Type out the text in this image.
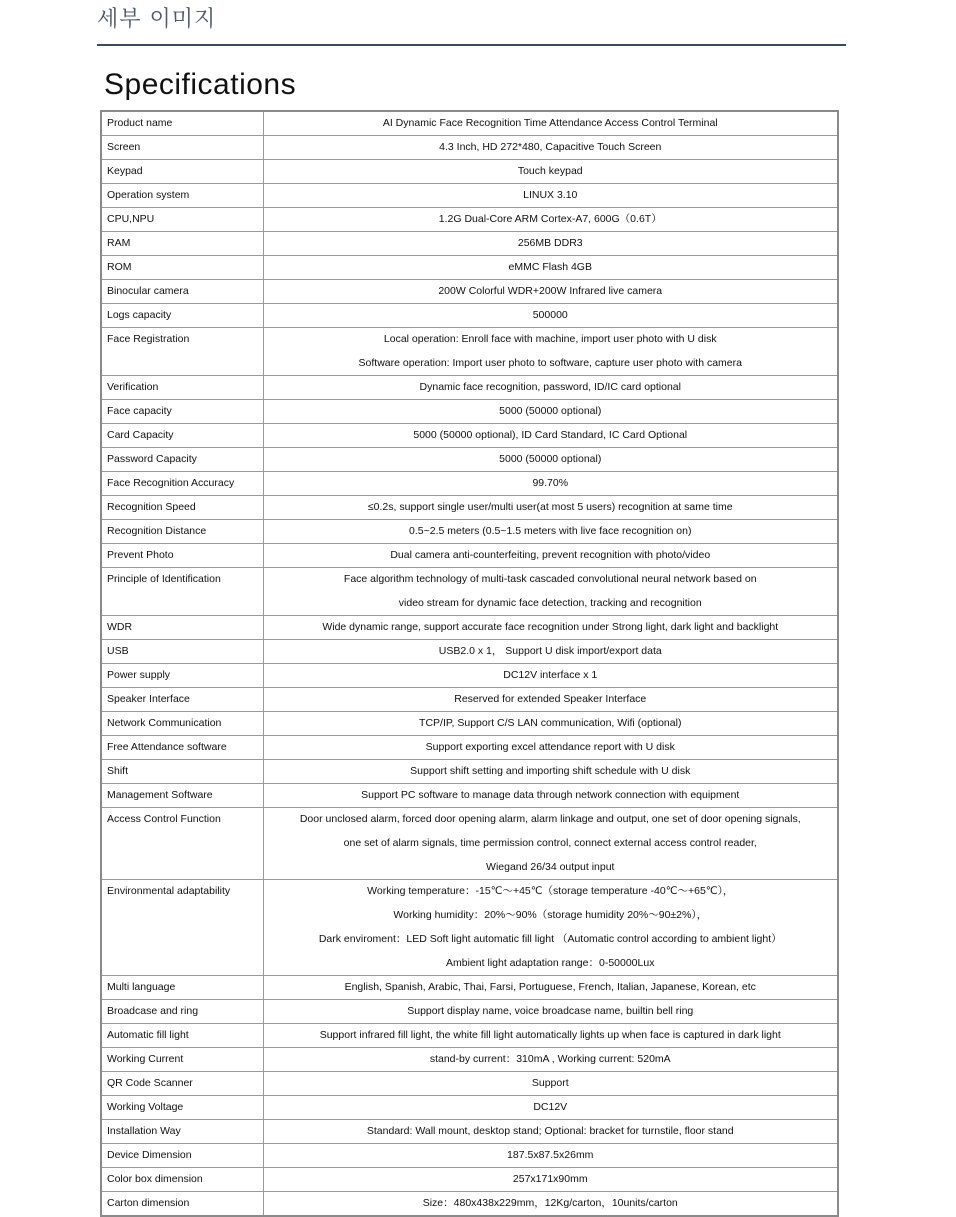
세부 이미지
Specifications
Product name	AI Dynamic Face Recognition Time Attendance Access Control Terminal

Screen	4.3 Inch, HD 272*480, Capacitive Touch Screen

Keypad	Touch keypad

Operation system	LINUX 3.10

CPU,NPU	1.2G Dual-Core ARM Cortex-A7, 600G（0.6T）

RAM	256MB DDR3

ROM	eMMC Flash 4GB

Binocular camera	200W Colorful WDR+200W Infrared live camera

Logs capacity	500000

Face Registration	Local operation: Enroll face with machine, import user photo with U disk
Software operation: Import user photo to software, capture user photo with camera

Verification	Dynamic face recognition, password, ID/IC card optional

Face capacity	5000 (50000 optional)

Card Capacity	5000 (50000 optional), ID Card Standard, IC Card Optional

Password Capacity	5000 (50000 optional)

Face Recognition Accuracy	99.70%

Recognition Speed	≤0.2s, support single user/multi user(at most 5 users) recognition at same time

Recognition Distance	0.5~2.5 meters (0.5~1.5 meters with live face recognition on)

Prevent Photo	Dual camera anti-counterfeiting, prevent recognition with photo/video

Principle of Identification	Face algorithm technology of multi-task cascaded convolutional neural network based on
video stream for dynamic face detection, tracking and recognition

WDR	Wide dynamic range, support accurate face recognition under Strong light, dark light and backlight

USB	USB2.0 x 1， Support U disk import/export data

Power supply	DC12V interface x 1

Speaker Interface	Reserved for extended Speaker Interface

Network Communication	TCP/IP, Support C/S LAN communication, Wifi (optional)

Free Attendance software	Support exporting excel attendance report with U disk

Shift	Support shift setting and importing shift schedule with U disk

Management Software	Support PC software to manage data through network connection with equipment

Access Control Function	Door unclosed alarm, forced door opening alarm, alarm linkage and output, one set of door opening signals,
one set of alarm signals, time permission control, connect external access control reader,
Wiegand 26/34 output input

Environmental adaptability	Working temperature：-15℃～+45℃（storage temperature -40℃～+65℃），
Working humidity：20%～90%（storage humidity 20%～90±2%），
Dark enviroment：LED Soft light automatic fill light （Automatic control according to ambient light）
Ambient light adaptation range：0-50000Lux

Multi language	English, Spanish, Arabic, Thai, Farsi, Portuguese, French, Italian, Japanese, Korean, etc

Broadcase and ring	Support display name, voice broadcase name, builtin bell ring

Automatic fill light	Support infrared fill light, the white fill light automatically lights up when face is captured in dark light

Working Current	stand-by current：310mA , Working current: 520mA

QR Code Scanner	Support

Working Voltage	DC12V

Installation Way	Standard: Wall mount, desktop stand; Optional: bracket for turnstile, floor stand

Device Dimension	187.5x87.5x26mm

Color box dimension	257x171x90mm

Carton dimension	Size：480x438x229mm，12Kg/carton，10units/carton
